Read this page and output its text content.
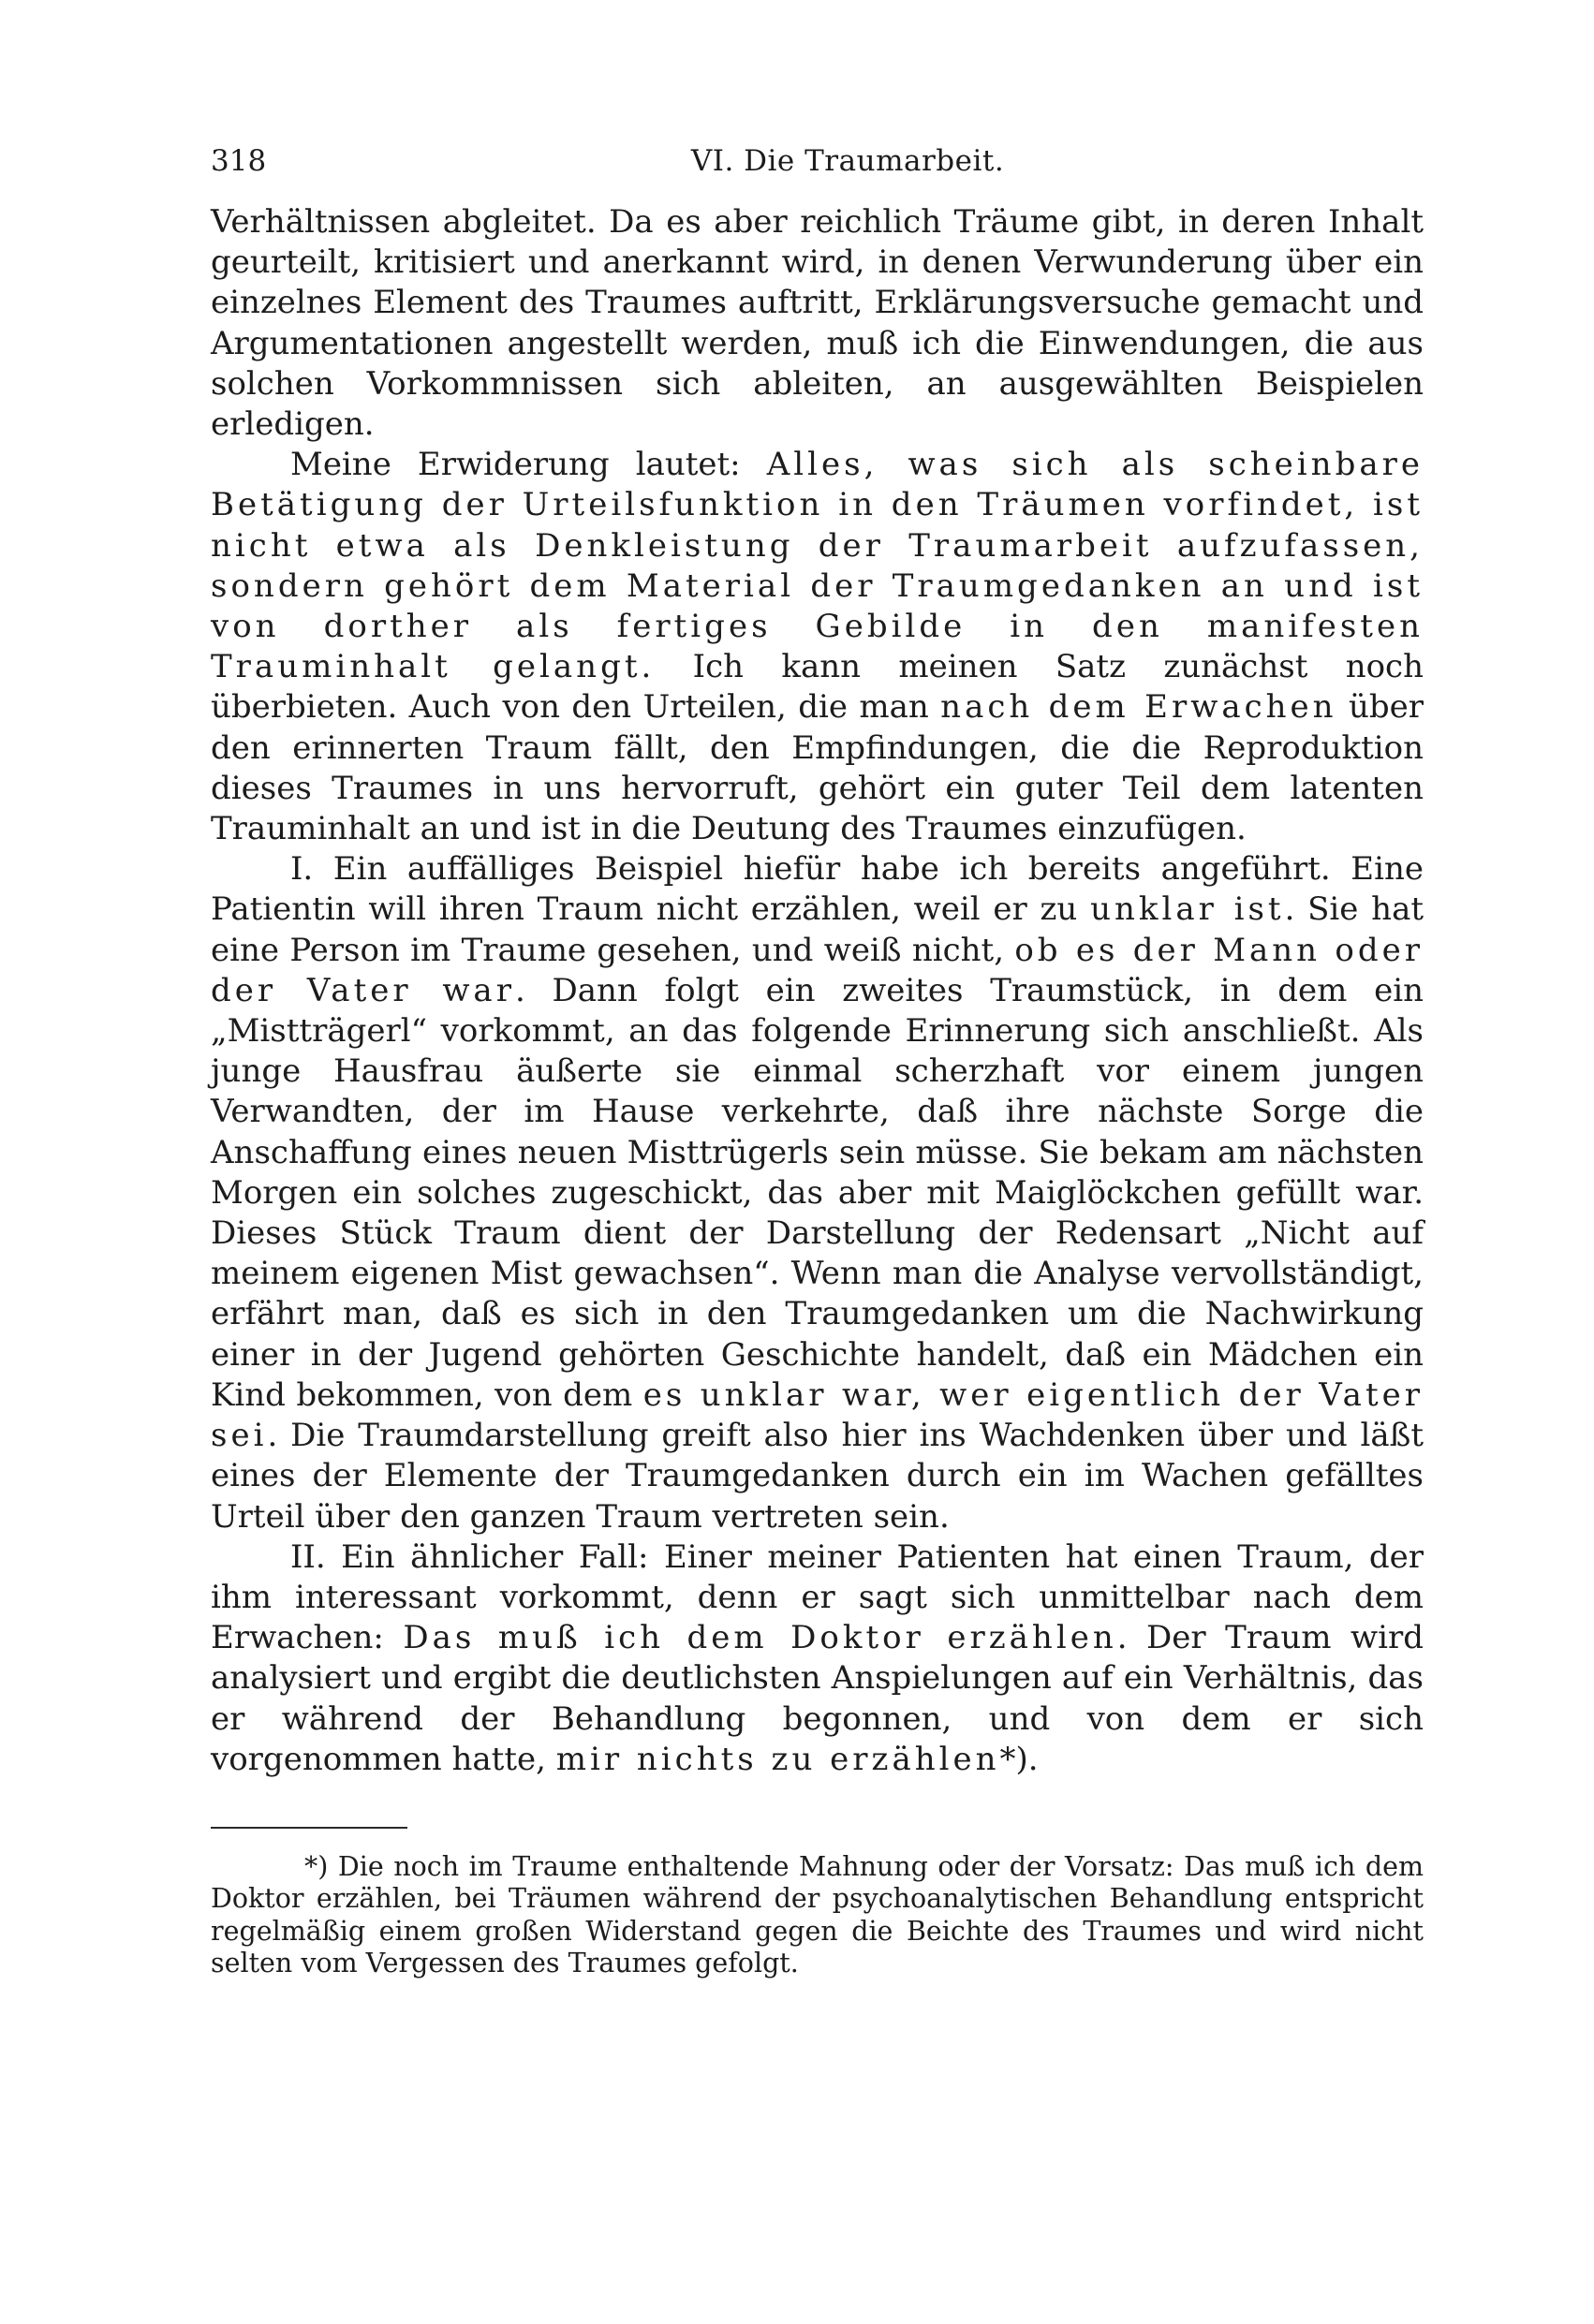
318	VI. Die Traumarbeit.

Verhältnissen abgleitet. Da es aber reichlich Träume gibt, in deren Inhalt geurteilt, kritisiert und anerkannt wird, in denen Verwunderung über ein einzelnes Element des Traumes auftritt, Erklärungsversuche gemacht und Argumentationen angestellt werden, muß ich die Einwendungen, die aus solchen Vorkommnissen sich ableiten, an ausgewählten Beispielen erledigen.

Meine Erwiderung lautet: Alles, was sich als scheinbare Betätigung der Urteilsfunktion in den Träumen vorfindet, ist nicht etwa als Denkleistung der Traumarbeit aufzufassen, sondern gehört dem Material der Traumgedanken an und ist von dorther als fertiges Gebilde in den manifesten Trauminhalt gelangt. Ich kann meinen Satz zunächst noch überbieten. Auch von den Urteilen, die man nach dem Erwachen über den erinnerten Traum fällt, den Empfindungen, die die Reproduktion dieses Traumes in uns hervorruft, gehört ein guter Teil dem latenten Trauminhalt an und ist in die Deutung des Traumes einzufügen.

I. Ein auffälliges Beispiel hiefür habe ich bereits angeführt. Eine Patientin will ihren Traum nicht erzählen, weil er zu unklar ist. Sie hat eine Person im Traume gesehen, und weiß nicht, ob es der Mann oder der Vater war. Dann folgt ein zweites Traumstück, in dem ein „Mistträgerl“ vorkommt, an das folgende Erinnerung sich anschließt. Als junge Hausfrau äußerte sie einmal scherzhaft vor einem jungen Verwandten, der im Hause verkehrte, daß ihre nächste Sorge die Anschaffung eines neuen Misttrügerls sein müsse. Sie bekam am nächsten Morgen ein solches zugeschickt, das aber mit Maiglöckchen gefüllt war. Dieses Stück Traum dient der Darstellung der Redensart „Nicht auf meinem eigenen Mist gewachsen“. Wenn man die Analyse vervollständigt, erfährt man, daß es sich in den Traumgedanken um die Nachwirkung einer in der Jugend gehörten Geschichte handelt, daß ein Mädchen ein Kind bekommen, von dem es unklar war, wer eigentlich der Vater sei. Die Traumdarstellung greift also hier ins Wachdenken über und läßt eines der Elemente der Traumgedanken durch ein im Wachen gefälltes Urteil über den ganzen Traum vertreten sein.

II. Ein ähnlicher Fall: Einer meiner Patienten hat einen Traum, der ihm interessant vorkommt, denn er sagt sich unmittelbar nach dem Erwachen: Das muß ich dem Doktor erzählen. Der Traum wird analysiert und ergibt die deutlichsten Anspielungen auf ein Verhältnis, das er während der Behandlung begonnen, und von dem er sich vorgenommen hatte, mir nichts zu erzählen*).

*) Die noch im Traume enthaltende Mahnung oder der Vorsatz: Das muß ich dem Doktor erzählen, bei Träumen während der psychoanalytischen Behandlung entspricht regelmäßig einem großen Widerstand gegen die Beichte des Traumes und wird nicht selten vom Vergessen des Traumes gefolgt.
